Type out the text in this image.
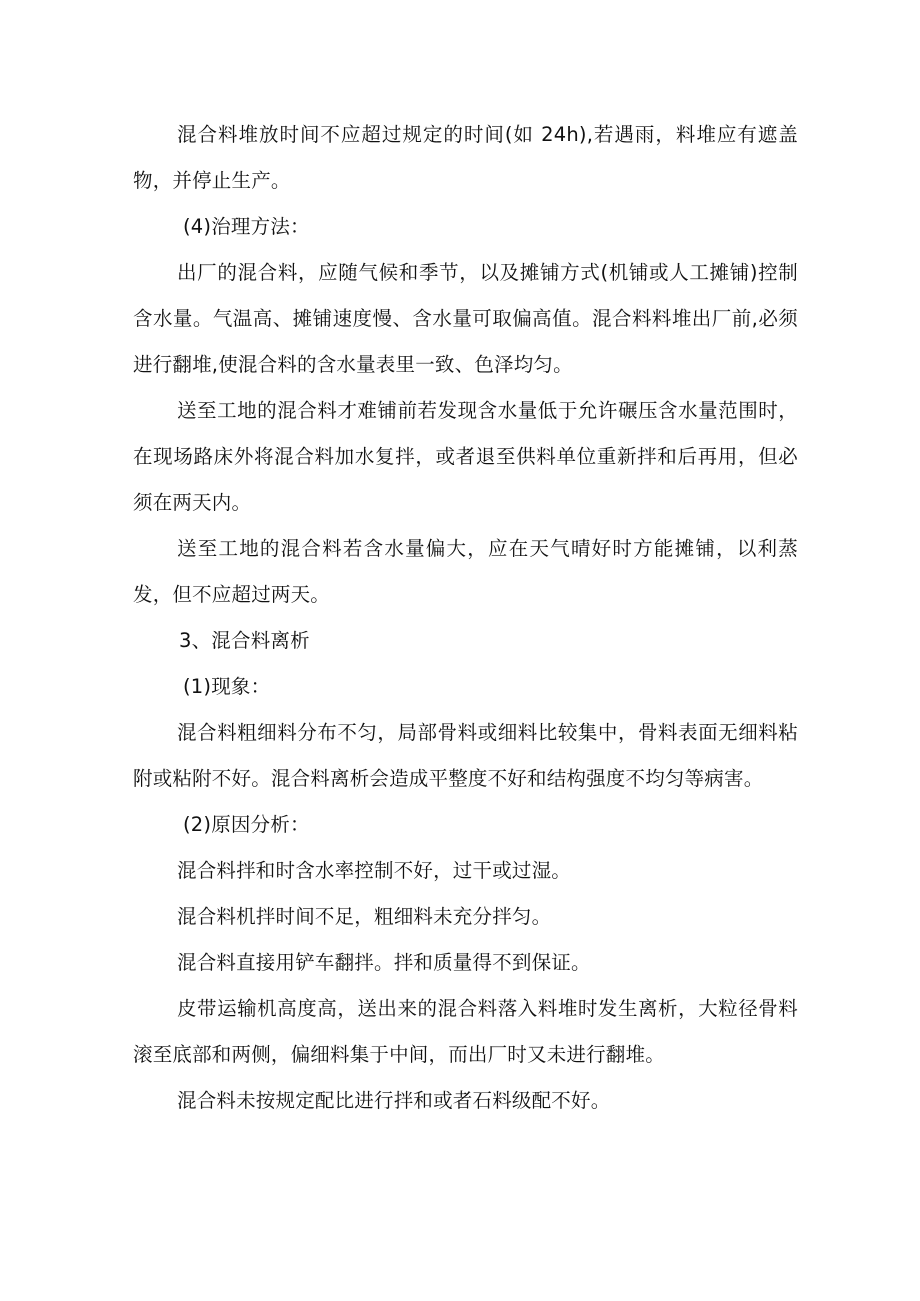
混合料堆放时间不应超过规定的时间(如 24h),若遇雨，料堆应有遮盖物，并停止生产。

(4)治理方法：

出厂的混合料，应随气候和季节，以及摊铺方式(机铺或人工摊铺)控制含水量。气温高、摊铺速度慢、含水量可取偏高值。混合料料堆出厂前,必须进行翻堆,使混合料的含水量表里一致、色泽均匀。

送至工地的混合料才难铺前若发现含水量低于允许碾压含水量范围时，在现场路床外将混合料加水复拌，或者退至供料单位重新拌和后再用，但必须在两天内。

送至工地的混合料若含水量偏大，应在天气晴好时方能摊铺，以利蒸发，但不应超过两天。

3、混合料离析

(1)现象：

混合料粗细料分布不匀，局部骨料或细料比较集中，骨料表面无细料粘附或粘附不好。混合料离析会造成平整度不好和结构强度不均匀等病害。

(2)原因分析：

混合料拌和时含水率控制不好，过干或过湿。

混合料机拌时间不足，粗细料未充分拌匀。

混合料直接用铲车翻拌。拌和质量得不到保证。

皮带运输机高度高，送出来的混合料落入料堆时发生离析，大粒径骨料滚至底部和两侧，偏细料集于中间，而出厂时又未进行翻堆。

混合料未按规定配比进行拌和或者石料级配不好。
